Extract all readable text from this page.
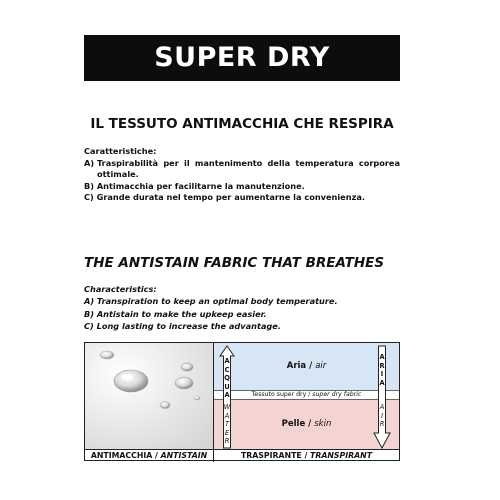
SUPER DRY
IL TESSUTO ANTIMACCHIA CHE RESPIRA
Caratteristiche:
A) Traspirabilità per il mantenimento della temperatura corporea
ottimale.
B) Antimacchia per facilitarne la manutenzione.
C) Grande durata nel tempo per aumentarne la convenienza.
THE ANTISTAIN FABRIC THAT BREATHES
Characteristics:
A) Transpiration to keep an optimal body temperature.
B) Antistain to make the upkeep easier.
C) Long lasting to increase the advantage.
Tessuto super dry / super dry fabric
Aria / air
Pelle / skin
A
C
Q
U
A
W
A
T
E
R
A
R
I
A
A
I
R
ANTIMACCHIA / ANTISTAIN	TRASPIRANTE / TRANSPIRANT
